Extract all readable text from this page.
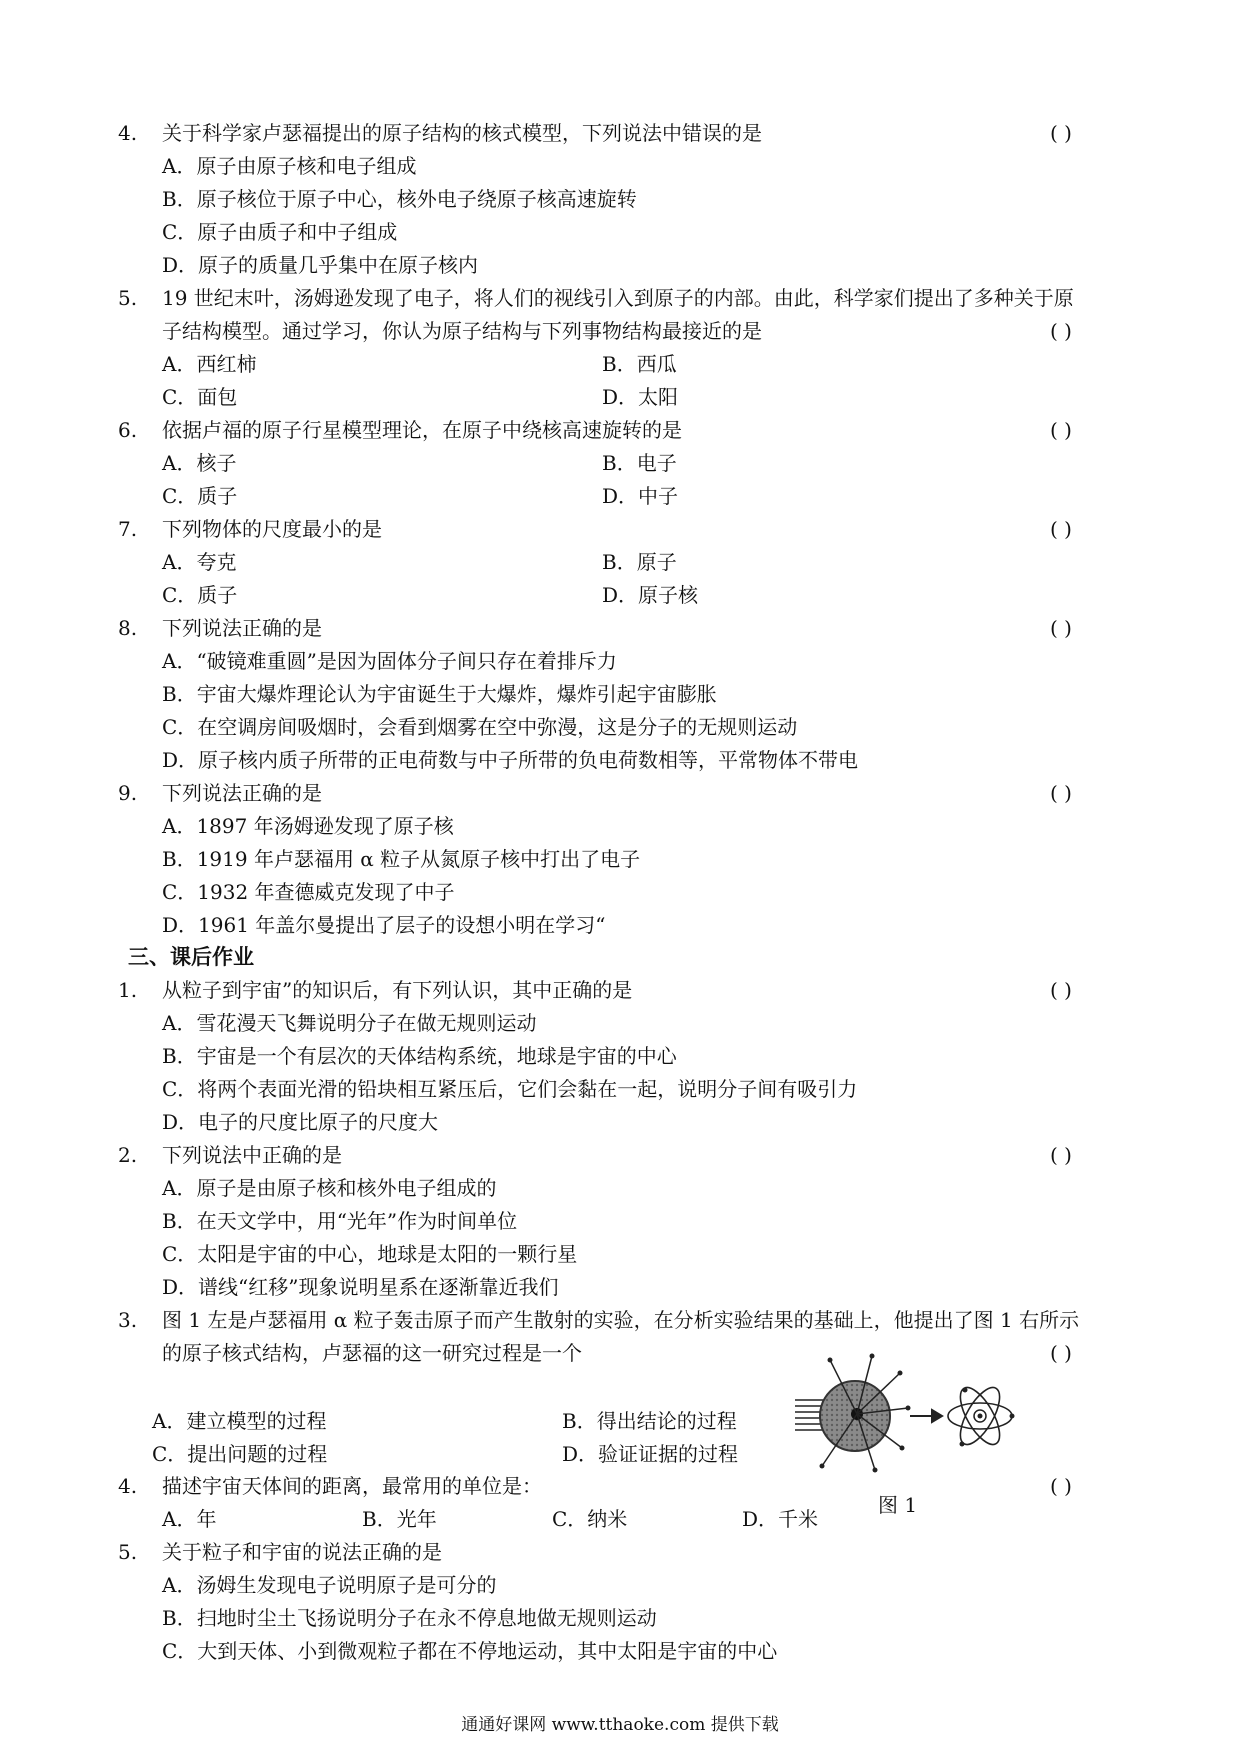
4. 关于科学家卢瑟福提出的原子结构的核式模型，下列说法中错误的是	( )
A．原子由原子核和电子组成
B．原子核位于原子中心，核外电子绕原子核高速旋转
C．原子由质子和中子组成
D．原子的质量几乎集中在原子核内
5. 19 世纪末叶，汤姆逊发现了电子，将人们的视线引入到原子的内部。由此，科学家们提出了多种关于原
子结构模型。通过学习，你认为原子结构与下列事物结构最接近的是	( )
A．西红柿	B．西瓜
C．面包	D．太阳
6. 依据卢福的原子行星模型理论，在原子中绕核高速旋转的是	( )
A．核子	B．电子
C．质子	D．中子
7. 下列物体的尺度最小的是	( )
A．夸克	B．原子
C．质子	D．原子核
8. 下列说法正确的是	( )
A．“破镜难重圆”是因为固体分子间只存在着排斥力
B．宇宙大爆炸理论认为宇宙诞生于大爆炸，爆炸引起宇宙膨胀
C．在空调房间吸烟时，会看到烟雾在空中弥漫，这是分子的无规则运动
D．原子核内质子所带的正电荷数与中子所带的负电荷数相等，平常物体不带电
9. 下列说法正确的是	( )
A．1897 年汤姆逊发现了原子核
B．1919 年卢瑟福用 α 粒子从氮原子核中打出了电子
C．1932 年查德威克发现了中子
D．1961 年盖尔曼提出了层子的设想小明在学习“
三、课后作业
1. 从粒子到宇宙”的知识后，有下列认识，其中正确的是	( )
A．雪花漫天飞舞说明分子在做无规则运动
B．宇宙是一个有层次的天体结构系统，地球是宇宙的中心
C．将两个表面光滑的铅块相互紧压后，它们会黏在一起，说明分子间有吸引力
D．电子的尺度比原子的尺度大
2. 下列说法中正确的是	( )
A．原子是由原子核和核外电子组成的
B．在天文学中，用“光年”作为时间单位
C．太阳是宇宙的中心，地球是太阳的一颗行星
D．谱线“红移”现象说明星系在逐渐靠近我们
3. 图 1 左是卢瑟福用 α 粒子轰击原子而产生散射的实验，在分析实验结果的基础上，他提出了图 1 右所示
的原子核式结构，卢瑟福的这一研究过程是一个	( )
A．建立模型的过程	B．得出结论的过程
C．提出问题的过程	D．验证证据的过程
4. 描述宇宙天体间的距离，最常用的单位是：	( )
A．年	B．光年	C．纳米	D．千米
图 1
5. 关于粒子和宇宙的说法正确的是
A．汤姆生发现电子说明原子是可分的
B．扫地时尘土飞扬说明分子在永不停息地做无规则运动
C．大到天体、小到微观粒子都在不停地运动，其中太阳是宇宙的中心
通通好课网 www.tthaoke.com 提供下载
